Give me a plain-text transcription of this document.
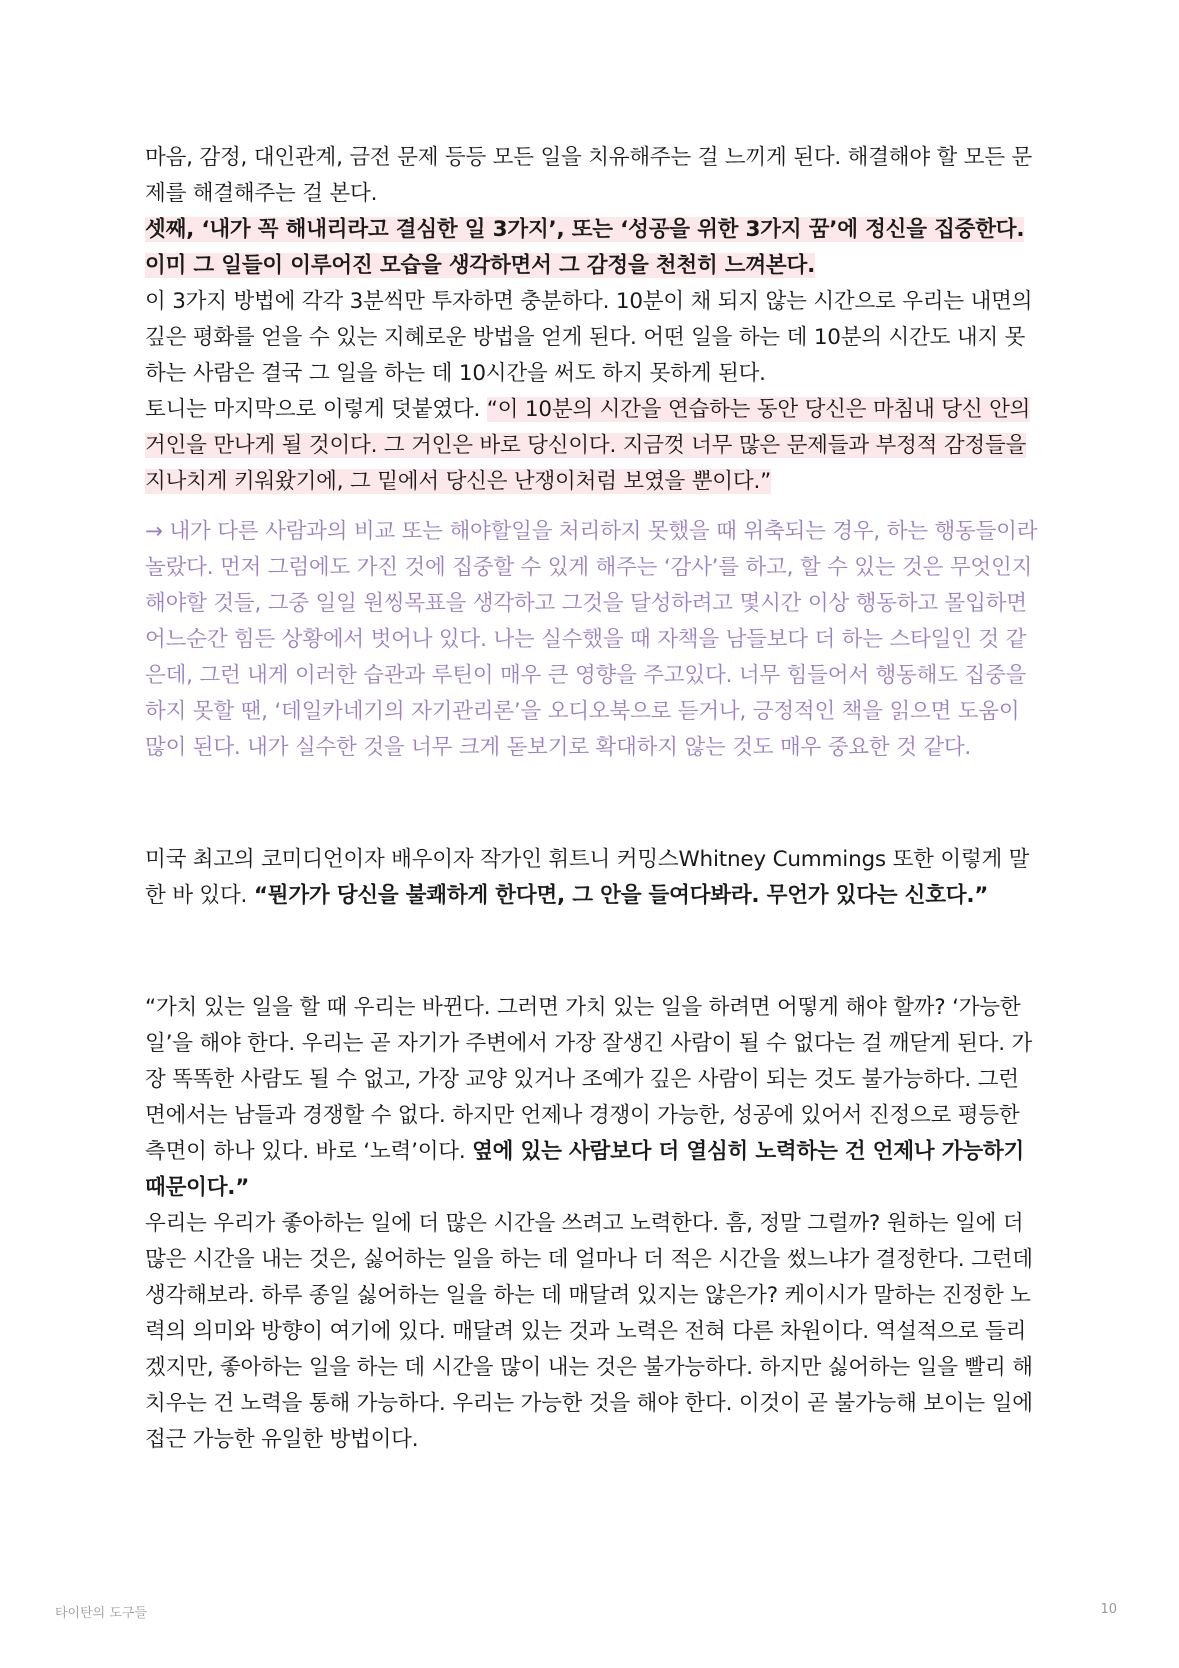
마음, 감정, 대인관계, 금전 문제 등등 모든 일을 치유해주는 걸 느끼게 된다. 해결해야 할 모든 문제를 해결해주는 걸 본다.

셋째, ‘내가 꼭 해내리라고 결심한 일 3가지’, 또는 ‘성공을 위한 3가지 꿈’에 정신을 집중한다. 이미 그 일들이 이루어진 모습을 생각하면서 그 감정을 천천히 느껴본다.

이 3가지 방법에 각각 3분씩만 투자하면 충분하다. 10분이 채 되지 않는 시간으로 우리는 내면의 깊은 평화를 얻을 수 있는 지혜로운 방법을 얻게 된다. 어떤 일을 하는 데 10분의 시간도 내지 못하는 사람은 결국 그 일을 하는 데 10시간을 써도 하지 못하게 된다.

토니는 마지막으로 이렇게 덧붙였다. “이 10분의 시간을 연습하는 동안 당신은 마침내 당신 안의 거인을 만나게 될 것이다. 그 거인은 바로 당신이다. 지금껏 너무 많은 문제들과 부정적 감정들을 지나치게 키워왔기에, 그 밑에서 당신은 난쟁이처럼 보였을 뿐이다.”

→ 내가 다른 사람과의 비교 또는 해야할일을 처리하지 못했을 때 위축되는 경우, 하는 행동들이라 놀랐다. 먼저 그럼에도 가진 것에 집중할 수 있게 해주는 ‘감사’를 하고, 할 수 있는 것은 무엇인지 해야할 것들, 그중 일일 원씽목표을 생각하고 그것을 달성하려고 몇시간 이상 행동하고 몰입하면 어느순간 힘든 상황에서 벗어나 있다. 나는 실수했을 때 자책을 남들보다 더 하는 스타일인 것 같은데, 그런 내게 이러한 습관과 루틴이 매우 큰 영향을 주고있다. 너무 힘들어서 행동해도 집중을 하지 못할 땐, ‘데일카네기의 자기관리론’을 오디오북으로 듣거나, 긍정적인 책을 읽으면 도움이 많이 된다. 내가 실수한 것을 너무 크게 돋보기로 확대하지 않는 것도 매우 중요한 것 같다.

미국 최고의 코미디언이자 배우이자 작가인 휘트니 커밍스Whitney Cummings 또한 이렇게 말한 바 있다. “뭔가가 당신을 불쾌하게 한다면, 그 안을 들여다봐라. 무언가 있다는 신호다.”

“가치 있는 일을 할 때 우리는 바뀐다. 그러면 가치 있는 일을 하려면 어떻게 해야 할까? ‘가능한 일’을 해야 한다. 우리는 곧 자기가 주변에서 가장 잘생긴 사람이 될 수 없다는 걸 깨닫게 된다. 가장 똑똑한 사람도 될 수 없고, 가장 교양 있거나 조예가 깊은 사람이 되는 것도 불가능하다. 그런 면에서는 남들과 경쟁할 수 없다. 하지만 언제나 경쟁이 가능한, 성공에 있어서 진정으로 평등한 측면이 하나 있다. 바로 ‘노력’이다. 옆에 있는 사람보다 더 열심히 노력하는 건 언제나 가능하기 때문이다.”

우리는 우리가 좋아하는 일에 더 많은 시간을 쓰려고 노력한다. 흠, 정말 그럴까? 원하는 일에 더 많은 시간을 내는 것은, 싫어하는 일을 하는 데 얼마나 더 적은 시간을 썼느냐가 결정한다. 그런데 생각해보라. 하루 종일 싫어하는 일을 하는 데 매달려 있지는 않은가? 케이시가 말하는 진정한 노력의 의미와 방향이 여기에 있다. 매달려 있는 것과 노력은 전혀 다른 차원이다. 역설적으로 들리겠지만, 좋아하는 일을 하는 데 시간을 많이 내는 것은 불가능하다. 하지만 싫어하는 일을 빨리 해치우는 건 노력을 통해 가능하다. 우리는 가능한 것을 해야 한다. 이것이 곧 불가능해 보이는 일에 접근 가능한 유일한 방법이다.

타이탄의 도구들	10
